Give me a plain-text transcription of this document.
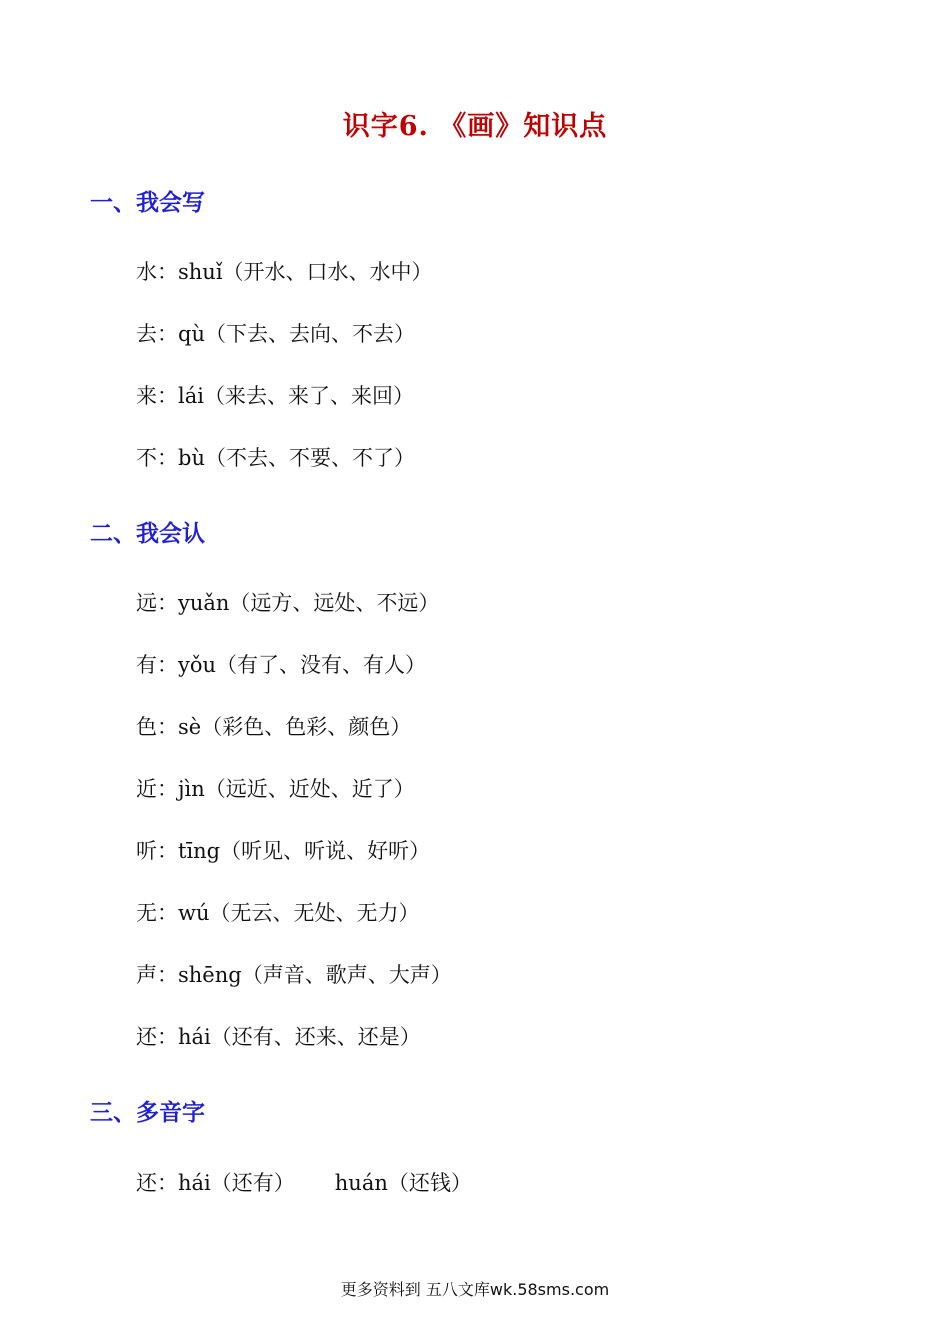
识字6. 《画》知识点
一、我会写
水：shuǐ（开水、口水、水中）
去：qù（下去、去向、不去）
来：lái（来去、来了、来回）
不：bù（不去、不要、不了）
二、我会认
远：yuǎn（远方、远处、不远）
有：yǒu（有了、没有、有人）
色：sè（彩色、色彩、颜色）
近：jìn（远近、近处、近了）
听：tīng（听见、听说、好听）
无：wú（无云、无处、无力）
声：shēng（声音、歌声、大声）
还：hái（还有、还来、还是）
三、多音字
还：hái（还有） huán（还钱）
更多资料到 五八文库wk.58sms.com
